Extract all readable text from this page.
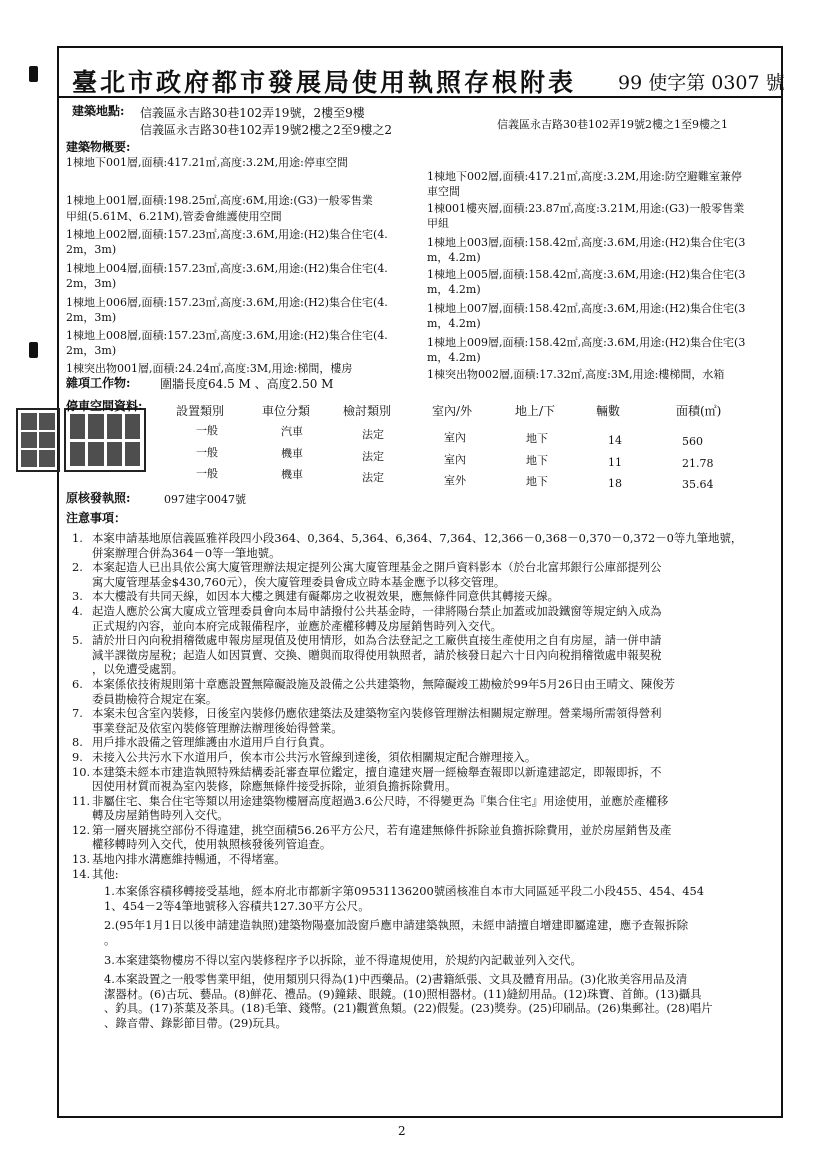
臺北市政府都市發展局使用執照存根附表 99 使字第 0307 號
建築地點: 信義區永吉路30巷102弄19號，2樓至9樓
信義區永吉路30巷102弄19號2樓之2至9樓之2	信義區永吉路30巷102弄19號2樓之1至9樓之1
建築物概要:
1棟地下001層,面積:417.21㎡,高度:3.2M,用途:停車空間
1棟地上001層,面積:198.25㎡,高度:6M,用途:(G3)一般零售業
甲組(5.61M、6.21M),管委會維護使用空間
1棟地上002層,面積:157.23㎡,高度:3.6M,用途:(H2)集合住宅(4.
2m，3m)
1棟地上004層,面積:157.23㎡,高度:3.6M,用途:(H2)集合住宅(4.
2m，3m)
1棟地上006層,面積:157.23㎡,高度:3.6M,用途:(H2)集合住宅(4.
2m，3m)
1棟地上008層,面積:157.23㎡,高度:3.6M,用途:(H2)集合住宅(4.
2m，3m)
1棟突出物001層,面積:24.24㎡,高度:3M,用途:梯間，樓房
1棟地下002層,面積:417.21㎡,高度:3.2M,用途:防空避難室兼停
車空間
1棟001樓夾層,面積:23.87㎡,高度:3.21M,用途:(G3)一般零售業
甲組
1棟地上003層,面積:158.42㎡,高度:3.6M,用途:(H2)集合住宅(3
m，4.2m)
1棟地上005層,面積:158.42㎡,高度:3.6M,用途:(H2)集合住宅(3
m，4.2m)
1棟地上007層,面積:158.42㎡,高度:3.6M,用途:(H2)集合住宅(3
m，4.2m)
1棟地上009層,面積:158.42㎡,高度:3.6M,用途:(H2)集合住宅(3
m，4.2m)
1棟突出物002層,面積:17.32㎡,高度:3M,用途:樓梯間，水箱
雜項工作物: 圍牆長度64.5 M 、高度2.50 M
停車空間資料:	設置類別	車位分類	檢討類別	室內/外	地上/下	輛數	面積(㎡)
一般	汽車	法定	室內	地下	14	560
一般	機車	法定	室內	地下	11	21.78
一般	機車	法定	室外	地下	18	35.64
原核發執照:	097建字0047號
注意事項：
1. 本案申請基地原信義區雅祥段四小段364、0,364、5,364、6,364、7,364、12,366－0,368－0,370－0,372－0等九筆地號，
併案辦理合併為364－0等一筆地號。
2. 本案起造人已出具依公寓大廈管理辦法規定提列公寓大廈管理基金之開戶資料影本（於台北富邦銀行公庫部提列公
寓大廈管理基金$430,760元），俟大廈管理委員會成立時本基金應予以移交管理。
3. 本大樓設有共同天線，如因本大樓之興建有礙鄰房之收視效果，應無條件同意供其轉接天線。
4. 起造人應於公寓大廈成立管理委員會向本局申請撥付公共基金時，一律將陽台禁止加蓋或加設鐵窗等規定納入成為
正式規約內容，並向本府完成報備程序，並應於產權移轉及房屋銷售時列入交代。
5. 請於卅日內向稅捐稽徵處申報房屋現值及使用情形，如為合法登記之工廠供直接生產使用之自有房屋，請一併申請
減半課徵房屋稅；起造人如因買賣、交換、贈與而取得使用執照者，請於核發日起六十日內向稅捐稽徵處申報契稅
，以免遭受處罰。
6. 本案係依技術規則第十章應設置無障礙設施及設備之公共建築物，無障礙竣工勘檢於99年5月26日由王晴文、陳俊芳
委員勘檢符合規定在案。
7. 本案未包含室內裝修，日後室內裝修仍應依建築法及建築物室內裝修管理辦法相關規定辦理。營業場所需領得營利
事業登記及依室內裝修管理辦法辦理後始得營業。
8. 用戶排水設備之管理維護由水道用戶自行負責。
9. 未接入公共污水下水道用戶，俟本市公共污水管線到達後，須依相關規定配合辦理接入。
10. 本建築未經本市建造執照特殊結構委託審查單位鑑定，擅自違建夾層一經檢舉查報即以新違建認定，即報即拆，不
因使用材質而視為室內裝修，除應無條件接受拆除，並須負擔拆除費用。
11. 非屬住宅、集合住宅等類以用途建築物樓層高度超過3.6公尺時，不得變更為『集合住宅』用途使用，並應於產權移
轉及房屋銷售時列入交代。
12. 第一層夾層挑空部份不得違建，挑空面積56.26平方公尺，若有違建無條件拆除並負擔拆除費用，並於房屋銷售及產
權移轉時列入交代，使用執照核發後列管追查。
13. 基地內排水溝應維持暢通，不得堵塞。
14. 其他:
1.本案係容積移轉接受基地，經本府北市都新字第09531136200號函核准自本市大同區延平段二小段455、454、454
1、454－2等4筆地號移入容積共127.30平方公尺。
2.(95年1月1日以後申請建造執照)建築物陽臺加設窗戶應申請建築執照，未經申請擅自增建即屬違建，應予查報拆除
。
3.本案建築物樓房不得以室內裝修程序予以拆除，並不得違規使用，於規約內記載並列入交代。
4.本案設置之一般零售業甲組，使用類別只得為(1)中西藥品。(2)書籍紙張、文具及體育用品。(3)化妝美容用品及清
潔器材。(6)古玩、藝品。(8)鮮花、禮品。(9)鐘錶、眼鏡。(10)照相器材。(11)縫紉用品。(12)珠寶、首飾。(13)攝具
、釣具。(17)茶葉及茶具。(18)毛筆、錢幣。(21)觀賞魚類。(22)假髮。(23)獎券。(25)印刷品。(26)集郵社。(28)唱片
、錄音帶、錄影節目帶。(29)玩具。
2
